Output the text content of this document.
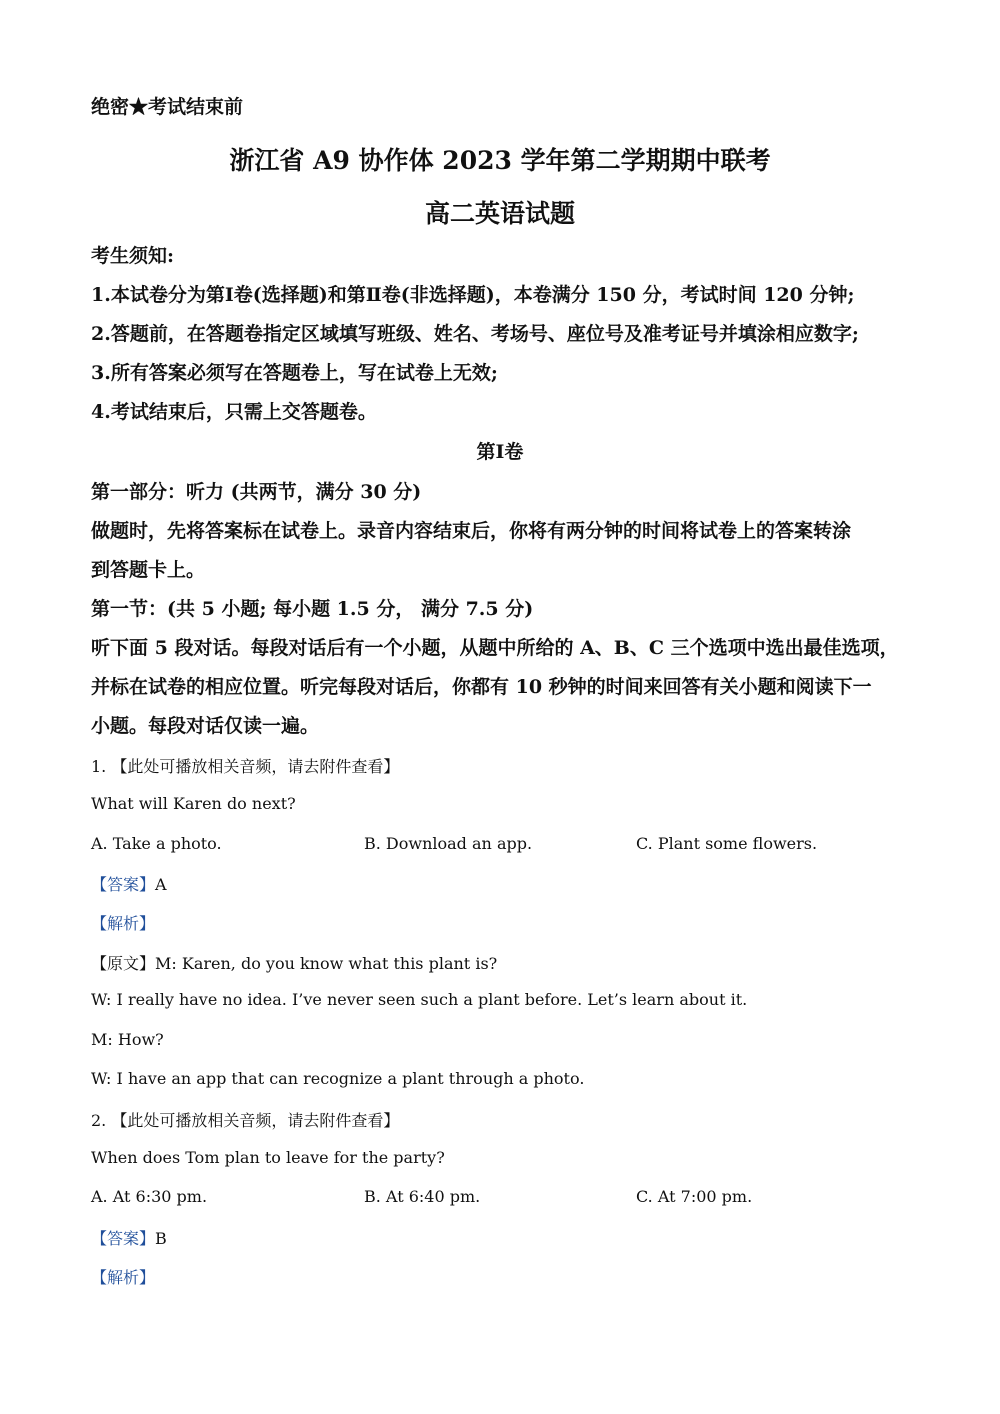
绝密★考试结束前
浙江省 A9 协作体 2023 学年第二学期期中联考
高二英语试题
考生须知:
1.本试卷分为第Ⅰ卷(选择题)和第Ⅱ卷(非选择题)，本卷满分 150 分，考试时间 120 分钟;
2.答题前，在答题卷指定区域填写班级、姓名、考场号、座位号及准考证号并填涂相应数字;
3.所有答案必须写在答题卷上，写在试卷上无效;
4.考试结束后，只需上交答题卷。
第Ⅰ卷
第一部分：听力 (共两节，满分 30 分)
做题时，先将答案标在试卷上。录音内容结束后，你将有两分钟的时间将试卷上的答案转涂
到答题卡上。
第一节：(共 5 小题; 每小题 1.5 分， 满分 7.5 分)
听下面 5 段对话。每段对话后有一个小题，从题中所给的 A、B、C 三个选项中选出最佳选项，
并标在试卷的相应位置。听完每段对话后，你都有 10 秒钟的时间来回答有关小题和阅读下一
小题。每段对话仅读一遍。
1. 【此处可播放相关音频，请去附件查看】
What will Karen do next?
A. Take a photo.	B. Download an app.	C. Plant some flowers.
【答案】A
【解析】
【原文】M: Karen, do you know what this plant is?
W: I really have no idea. I’ve never seen such a plant before. Let’s learn about it.
M: How?
W: I have an app that can recognize a plant through a photo.
2. 【此处可播放相关音频，请去附件查看】
When does Tom plan to leave for the party?
A. At 6:30 pm.	B. At 6:40 pm.	C. At 7:00 pm.
【答案】B
【解析】
